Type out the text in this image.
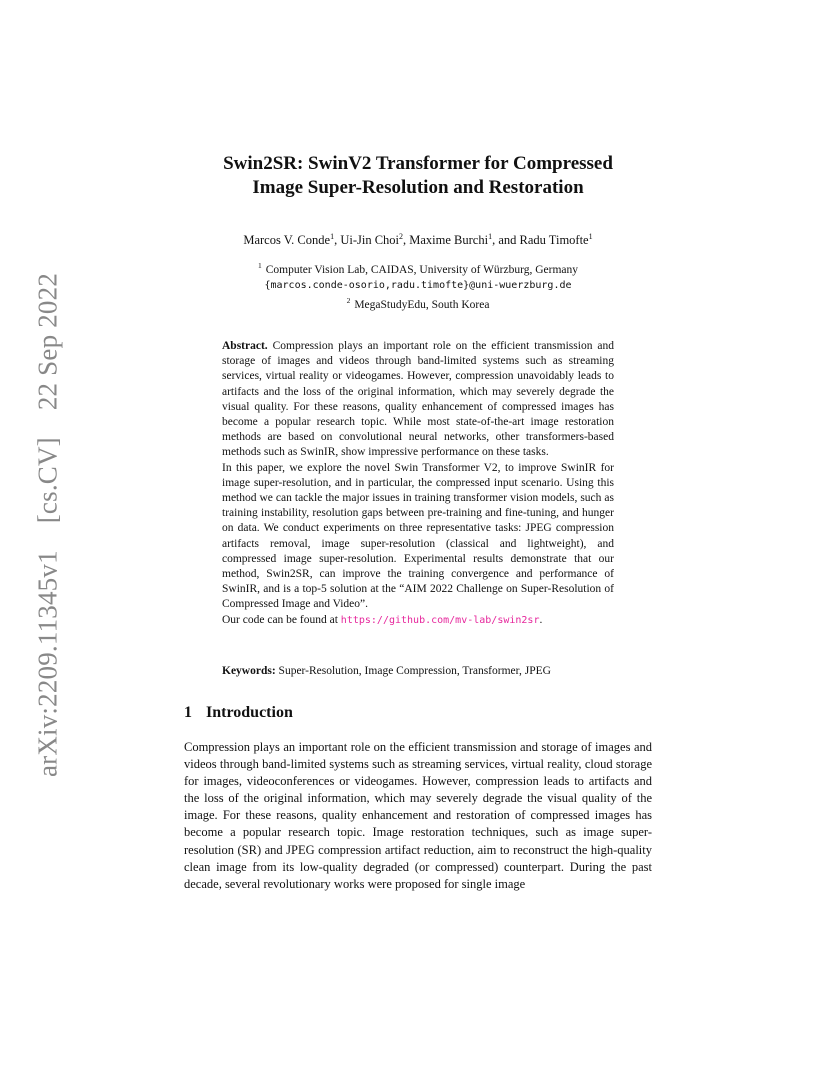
arXiv:2209.11345v1 [cs.CV] 22 Sep 2022
Swin2SR: SwinV2 Transformer for Compressed
Image Super-Resolution and Restoration
Marcos V. Conde$^1$, Ui-Jin Choi$^2$, Maxime Burchi$^1$, and Radu Timofte$^1$
$^1$ Computer Vision Lab, CAIDAS, University of Würzburg, Germany
{marcos.conde-osorio,radu.timofte}@uni-wuerzburg.de
$^2$ MegaStudyEdu, South Korea

Abstract. Compression plays an important role on the efficient transmission and storage of images and videos through band-limited systems such as streaming services, virtual reality or videogames. However, compression unavoidably leads to artifacts and the loss of the original information, which may severely degrade the visual quality. For these reasons, quality enhancement of compressed images has become a popular research topic. While most state-of-the-art image restoration methods are based on convolutional neural networks, other transformers-based methods such as SwinIR, show impressive performance on these tasks.

In this paper, we explore the novel Swin Transformer V2, to improve SwinIR for image super-resolution, and in particular, the compressed input scenario. Using this method we can tackle the major issues in training transformer vision models, such as training instability, resolution gaps between pre-training and fine-tuning, and hunger on data. We conduct experiments on three representative tasks: JPEG compression artifacts removal, image super-resolution (classical and lightweight), and compressed image super-resolution. Experimental results demonstrate that our method, Swin2SR, can improve the training convergence and performance of SwinIR, and is a top-5 solution at the “AIM 2022 Challenge on Super-Resolution of Compressed Image and Video”.

Our code can be found at https://github.com/mv-lab/swin2sr.

Keywords: Super-Resolution, Image Compression, Transformer, JPEG
1 Introduction
Compression plays an important role on the efficient transmission and storage of images and videos through band-limited systems such as streaming services, virtual reality, cloud storage for images, videoconferences or videogames. However, compression leads to artifacts and the loss of the original information, which may severely degrade the visual quality of the image. For these reasons, quality enhancement and restoration of compressed images has become a popular research topic. Image restoration techniques, such as image super-resolution (SR) and JPEG compression artifact reduction, aim to reconstruct the high-quality clean image from its low-quality degraded (or compressed) counterpart. During the past decade, several revolutionary works were proposed for single image
